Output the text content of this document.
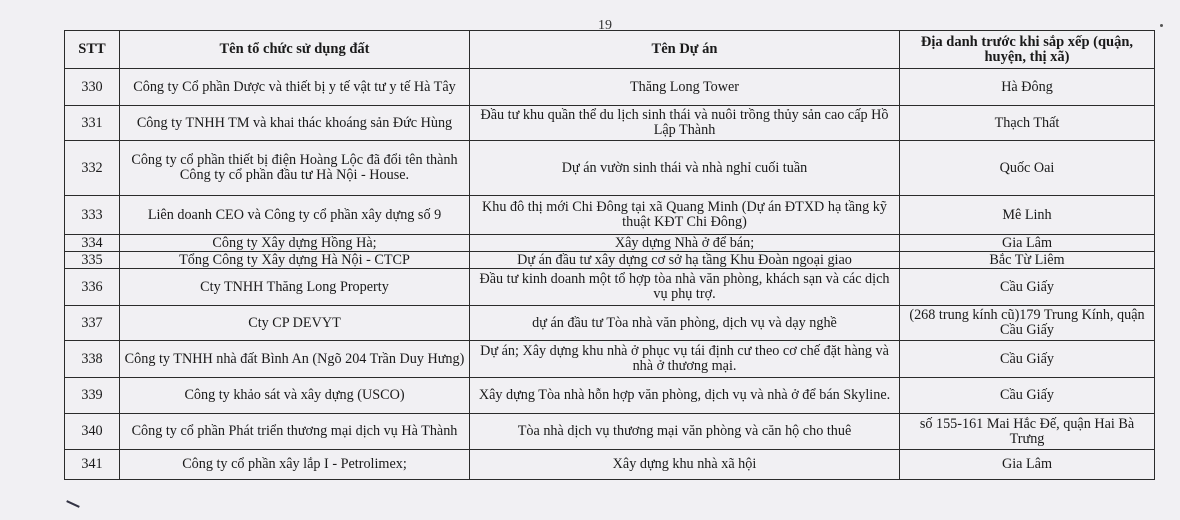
19
STT	Tên tổ chức sử dụng đất	Tên Dự án	Địa danh trước khi sắp xếp (quận, huyện, thị xã)
330	Công ty Cổ phần Dược và thiết bị y tế vật tư y tế Hà Tây	Thăng Long Tower	Hà Đông
331	Công ty TNHH TM và khai thác khoáng sản Đức Hùng	Đầu tư khu quần thể du lịch sinh thái và nuôi trồng thủy sản cao cấp Hồ Lập Thành	Thạch Thất
332	Công ty cổ phần thiết bị điện Hoàng Lộc đã đổi tên thành Công ty cổ phần đầu tư Hà Nội - House.	Dự án vườn sinh thái và nhà nghỉ cuối tuần	Quốc Oai
333	Liên doanh CEO và Công ty cổ phần xây dựng số 9	Khu đô thị mới Chi Đông tại xã Quang Minh (Dự án ĐTXD hạ tầng kỹ thuật KĐT Chi Đông)	Mê Linh
334	Công ty Xây dựng Hồng Hà;	Xây dựng Nhà ở để bán;	Gia Lâm
335	Tổng Công ty Xây dựng Hà Nội - CTCP	Dự án đầu tư xây dựng cơ sở hạ tầng Khu Đoàn ngoại giao	Bắc Từ Liêm
336	Cty TNHH Thăng Long Property	Đầu tư kinh doanh một tổ hợp tòa nhà văn phòng, khách sạn và các dịch vụ phụ trợ.	Cầu Giấy
337	Cty CP DEVYT	dự án đầu tư Tòa nhà văn phòng, dịch vụ và dạy nghề	(268 trung kính cũ)179 Trung Kính, quận Cầu Giấy
338	Công ty TNHH nhà đất Bình An (Ngõ 204 Trần Duy Hưng)	Dự án; Xây dựng khu nhà ở phục vụ tái định cư theo cơ chế đặt hàng và nhà ở thương mại.	Cầu Giấy
339	Công ty khảo sát và xây dựng (USCO)	Xây dựng Tòa nhà hỗn hợp văn phòng, dịch vụ và nhà ở để bán Skyline.	Cầu Giấy
340	Công ty cổ phần Phát triển thương mại dịch vụ Hà Thành	Tòa nhà dịch vụ thương mại văn phòng và căn hộ cho thuê	số 155-161 Mai Hắc Đế, quận Hai Bà Trưng
341	Công ty cổ phần xây lắp I - Petrolimex;	Xây dựng khu nhà xã hội	Gia Lâm
